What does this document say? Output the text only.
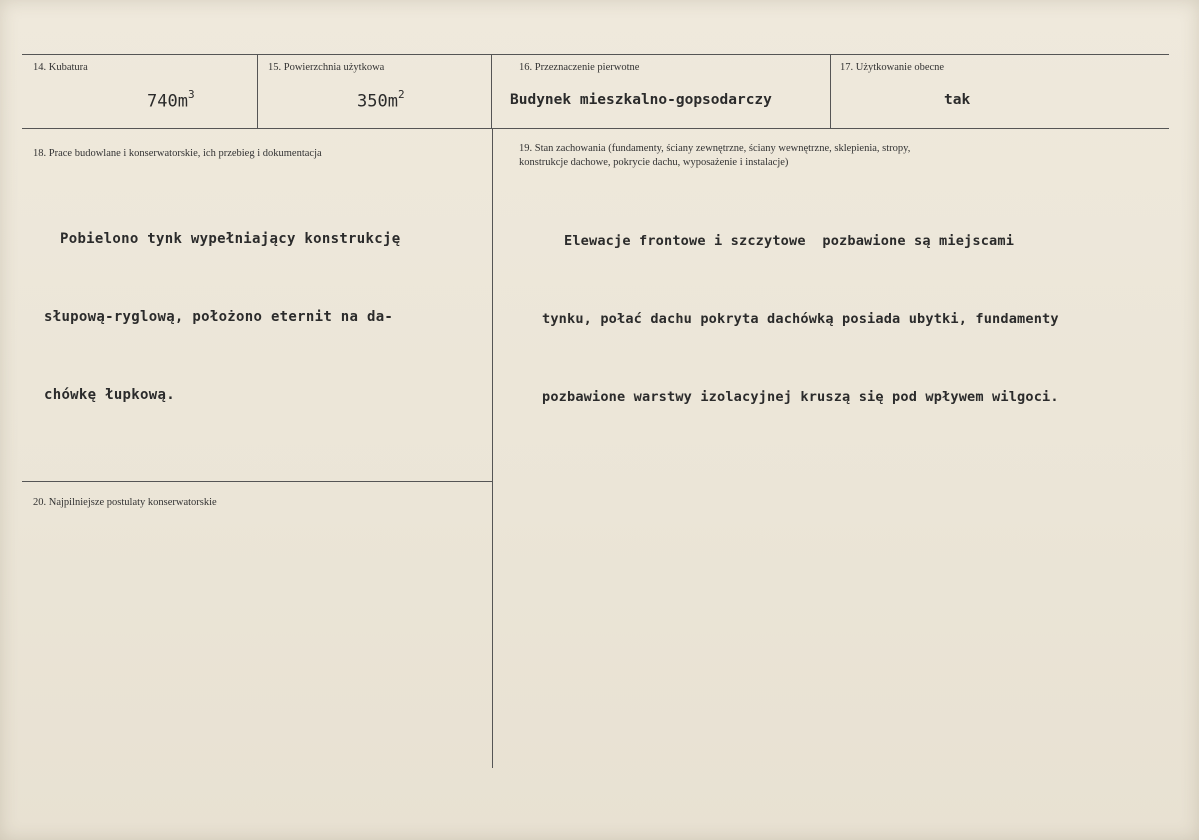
14. Kubatura
$740m^3$
15. Powierzchnia użytkowa
$350m^2$
16. Przeznaczenie pierwotne
Budynek mieszkalno-gopsodarczy
17. Użytkowanie obecne
tak
18. Prace budowlane i konserwatorskie, ich przebieg i dokumentacja

Pobielono tynk wypełniający konstrukcję

słupową-ryglową, położono eternit na da-

chówkę łupkową.

19. Stan zachowania (fundamenty, ściany zewnętrzne, ściany wewnętrzne, sklepienia, stropy,
konstrukcje dachowe, pokrycie dachu, wyposażenie i instalacje)

Elewacje frontowe i szczytowe  pozbawione są miejscami

tynku, połać dachu pokryta dachówką posiada ubytki, fundamenty

pozbawione warstwy izolacyjnej kruszą się pod wpływem wilgoci.

20. Najpilniejsze postulaty konserwatorskie
